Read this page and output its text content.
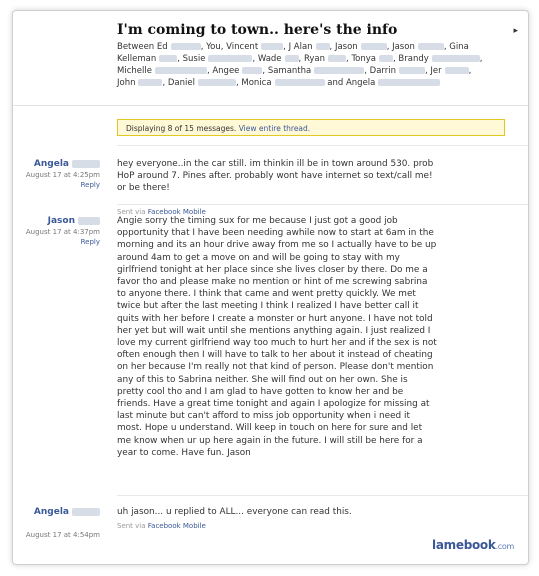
I'm coming to town.. here's the info	▸
Between Ed	, You, Vincent	, J Alan , Jason	, Jason	, Gina Kelleman , Susie	, Wade , Ryan , Tonya , Brandy	, Michelle	, Angee	, Samantha	, Darrin	, Jer	, John	, Daniel	, Monica	and Angela
Displaying 8 of 15 messages. View entire thread.
Angela
August 17 at 4:25pm
Reply
hey everyone..in the car still. im thinkin ill be in town around 530. prob HoP around 7. Pines after. probably wont have internet so text/call me! or be there!
Sent via Facebook Mobile
Jason
August 17 at 4:37pm
Reply
Angie sorry the timing sux for me because I just got a good job opportunity that I have been needing awhile now to start at 6am in the morning and its an hour drive away from me so I actually have to be up around 4am to get a move on and will be going to stay with my girlfriend tonight at her place since she lives closer by there. Do me a favor tho and please make no mention or hint of me screwing sabrina to anyone there. I think that came and went pretty quickly. We met twice but after the last meeting I think I realized I have better call it quits with her before I create a monster or hurt anyone. I have not told her yet but will wait until she mentions anything again. I just realized I love my current girlfriend way too much to hurt her and if the sex is not often enough then I will have to talk to her about it instead of cheating on her because I'm really not that kind of person. Please don't mention any of this to Sabrina neither. She will find out on her own. She is pretty cool tho and I am glad to have gotten to know her and be friends. Have a great time tonight and again I apologize for missing at last minute but can't afford to miss job opportunity when i need it most. Hope u understand. Will keep in touch on here for sure and let me know when ur up here again in the future. I will still be here for a year to come. Have fun. Jason
Angela
August 17 at 4:54pm
uh jason... u replied to ALL... everyone can read this.
Sent via Facebook Mobile
lamebook.com
